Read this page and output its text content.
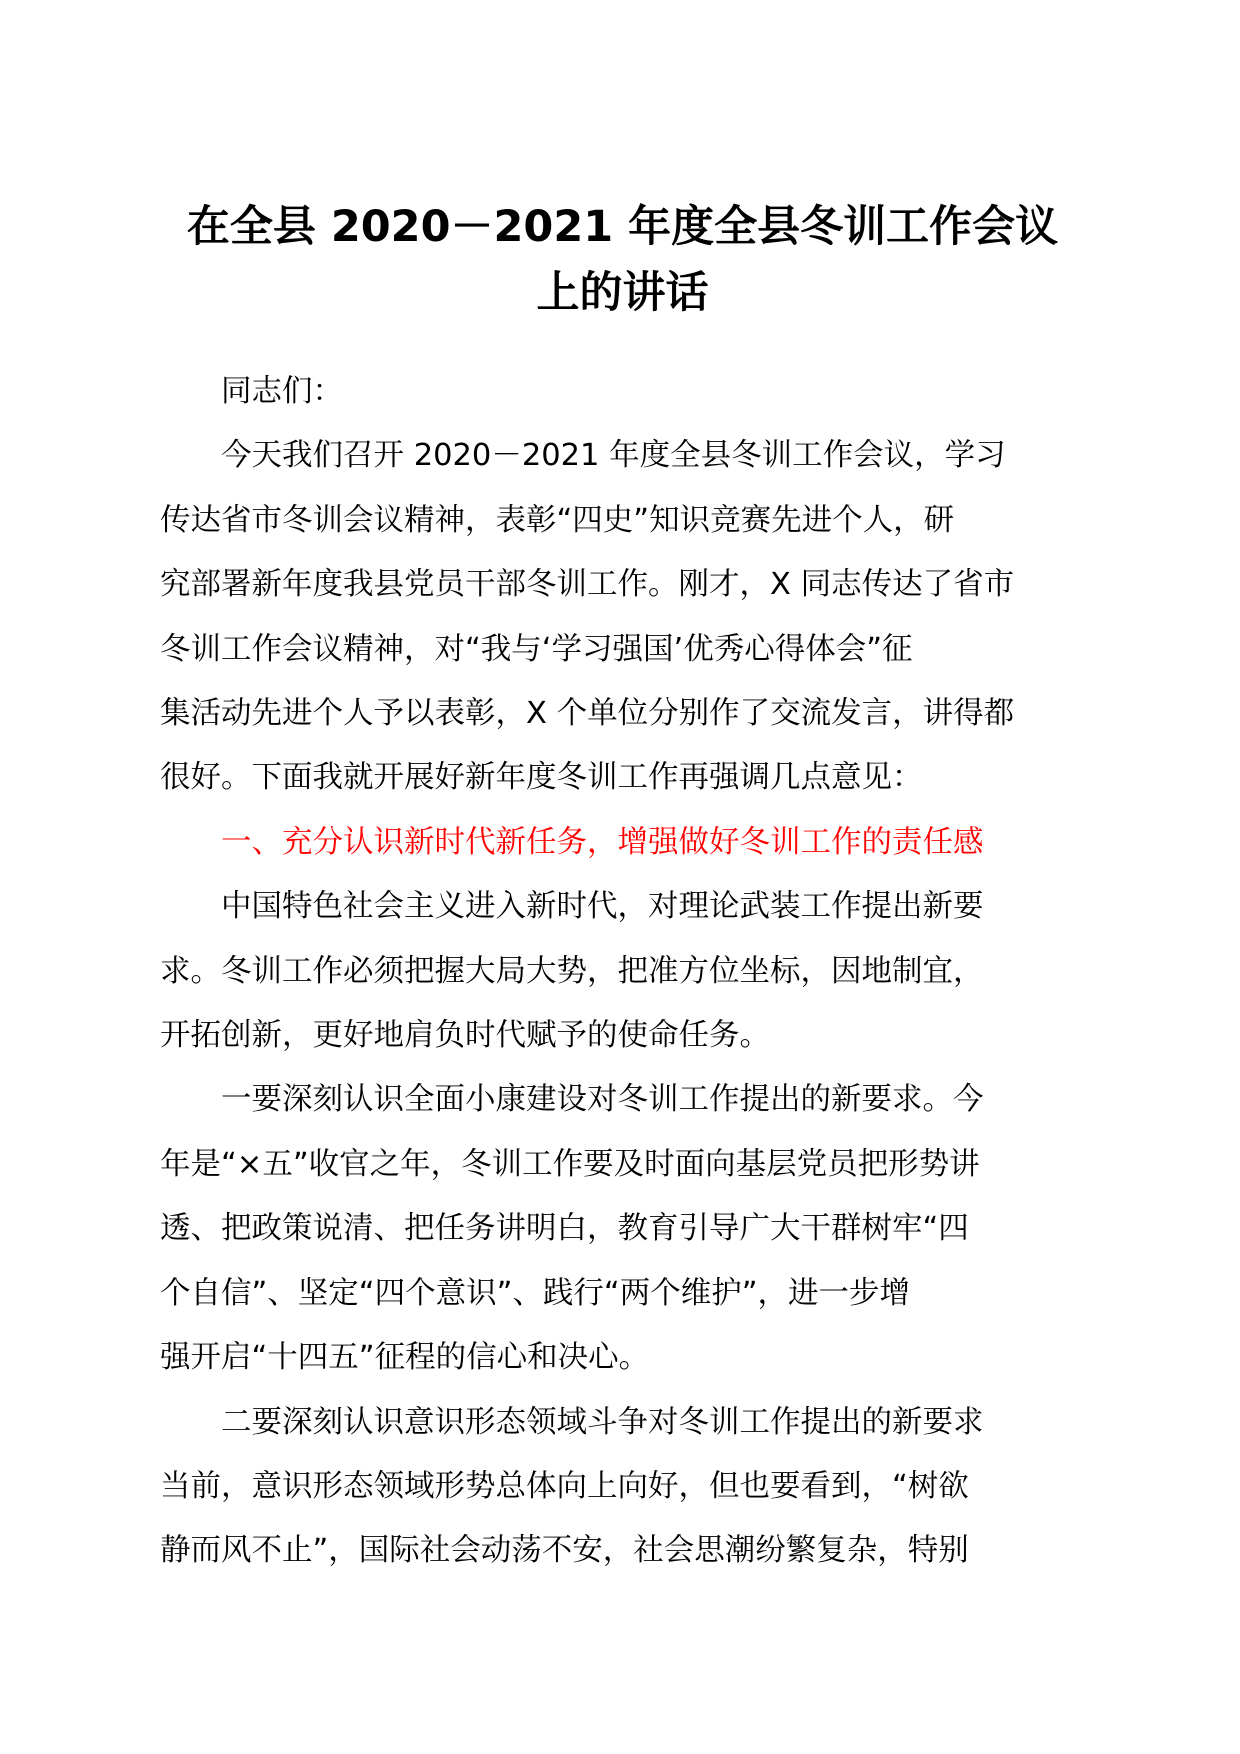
在全县 2020－2021 年度全县冬训工作会议
上的讲话

同志们：

今天我们召开 2020－2021 年度全县冬训工作会议，学习
传达省市冬训会议精神，表彰“四史”知识竞赛先进个人，研
究部署新年度我县党员干部冬训工作。刚才，X 同志传达了省市
冬训工作会议精神，对“我与‘学习强国’优秀心得体会”征
集活动先进个人予以表彰，X 个单位分别作了交流发言，讲得都
很好。下面我就开展好新年度冬训工作再强调几点意见：

一、充分认识新时代新任务，增强做好冬训工作的责任感

中国特色社会主义进入新时代，对理论武装工作提出新要
求。冬训工作必须把握大局大势，把准方位坐标，因地制宜，
开拓创新，更好地肩负时代赋予的使命任务。

一要深刻认识全面小康建设对冬训工作提出的新要求。今
年是“×五”收官之年，冬训工作要及时面向基层党员把形势讲
透、把政策说清、把任务讲明白，教育引导广大干群树牢“四
个自信”、坚定“四个意识”、践行“两个维护”，进一步增
强开启“十四五”征程的信心和决心。

二要深刻认识意识形态领域斗争对冬训工作提出的新要求
当前，意识形态领域形势总体向上向好，但也要看到，“树欲
静而风不止”，国际社会动荡不安，社会思潮纷繁复杂，特别
